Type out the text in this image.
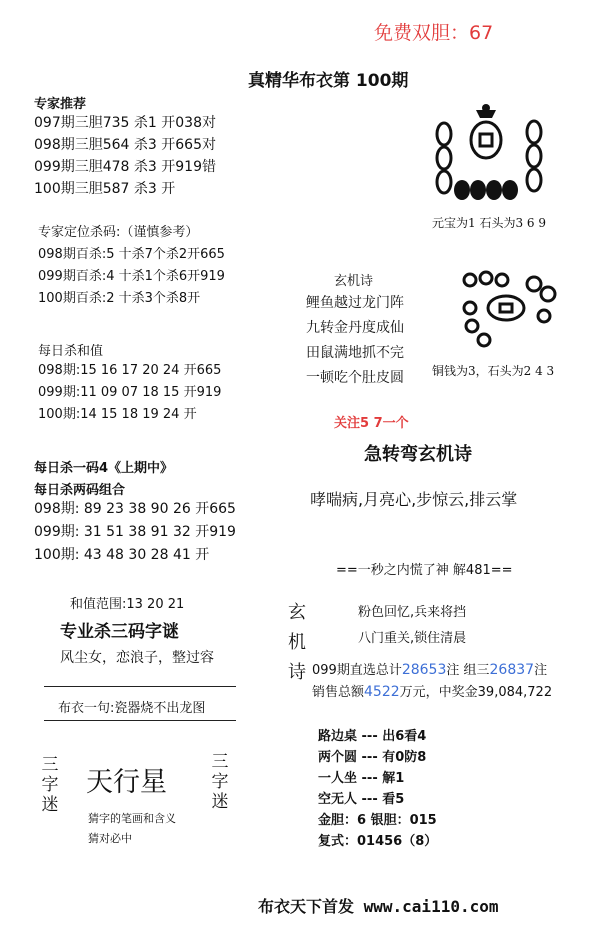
免费双胆：67
真精华布衣第 100期
专家推荐
097期三胆735 杀1 开038对
098期三胆564 杀3 开665对
099期三胆478 杀3 开919错
100期三胆587 杀3 开
专家定位杀码:（谨慎参考）
098期百杀:5 十杀7个杀2开665
099期百杀:4 十杀1个杀6开919
100期百杀:2 十杀3个杀8开
每日杀和值
098期:15 16 17 20 24 开665
099期:11 09 07 18 15 开919
100期:14 15 18 19 24 开
每日杀一码4《上期中》
每日杀两码组合
098期: 89 23 38 90 26 开665
099期: 31 51 38 91 32 开919
100期: 43 48 30 28 41 开
和值范围:13 20 21
专业杀三码字谜
风尘女，恋浪子，整过容
布衣一句:瓷器烧不出龙图
三字迷
天行星
三字迷
猜字的笔画和含义
猜对必中
元宝为1 石头为3 6 9
玄机诗
鲤鱼越过龙门阵
九转金丹度成仙
田鼠满地抓不完
一顿吃个肚皮圆 铜钱为3，石头为2 4 3
关注5 7一个
急转弯玄机诗
哮喘病,月亮心,步惊云,排云掌
==一秒之内慌了神 解481==
玄
机
诗
粉色回忆,兵来将挡
八门重关,锁住清晨
099期直选总计28653注 组三26837注
销售总额4522万元，中奖金39,084,722
路边桌 --- 出6看4
两个圆 --- 有0防8
一人坐 --- 解1
空无人 --- 看5
金胆：6 银胆：015
复式：01456（8）
布衣天下首发 www.cai110.com
